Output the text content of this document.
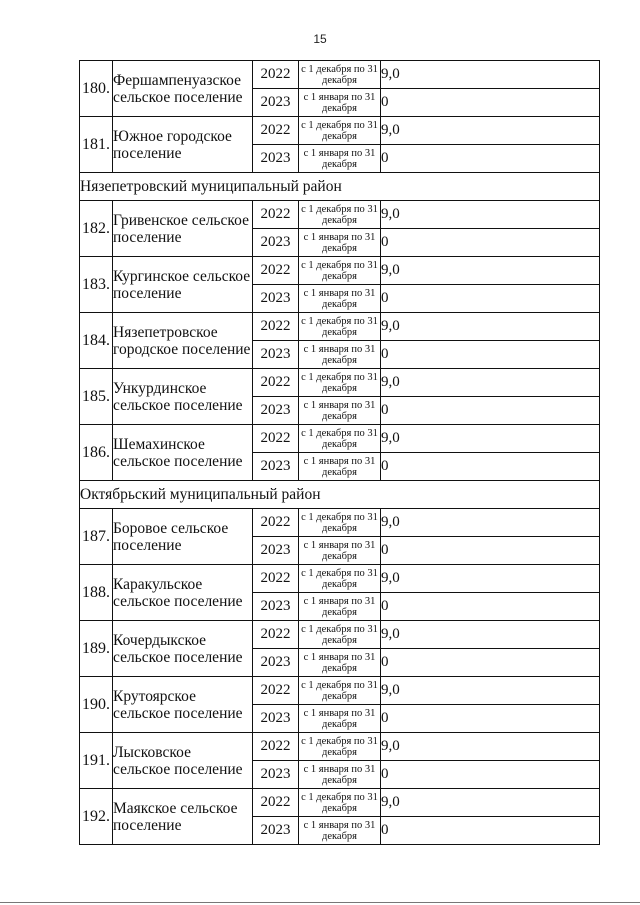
15
180.	Фершампенуазское сельское поселение	2022	с 1 декабря по 31 декабря	9,0
		2023	с 1 января по 31 декабря	0
181.	Южное городское поселение	2022	с 1 декабря по 31 декабря	9,0
		2023	с 1 января по 31 декабря	0
Нязепетровский муниципальный район				
182.	Гривенское сельское поселение	2022	с 1 декабря по 31 декабря	9,0
		2023	с 1 января по 31 декабря	0
183.	Кургинское сельское поселение	2022	с 1 декабря по 31 декабря	9,0
		2023	с 1 января по 31 декабря	0
184.	Нязепетровское городское поселение	2022	с 1 декабря по 31 декабря	9,0
		2023	с 1 января по 31 декабря	0
185.	Ункурдинское сельское поселение	2022	с 1 декабря по 31 декабря	9,0
		2023	с 1 января по 31 декабря	0
186.	Шемахинское сельское поселение	2022	с 1 декабря по 31 декабря	9,0
		2023	с 1 января по 31 декабря	0
Октябрьский муниципальный район				
187.	Боровое сельское поселение	2022	с 1 декабря по 31 декабря	9,0
		2023	с 1 января по 31 декабря	0
188.	Каракульское сельское поселение	2022	с 1 декабря по 31 декабря	9,0
		2023	с 1 января по 31 декабря	0
189.	Кочердыкское сельское поселение	2022	с 1 декабря по 31 декабря	9,0
		2023	с 1 января по 31 декабря	0
190.	Крутоярское сельское поселение	2022	с 1 декабря по 31 декабря	9,0
		2023	с 1 января по 31 декабря	0
191.	Лысковское сельское поселение	2022	с 1 декабря по 31 декабря	9,0
		2023	с 1 января по 31 декабря	0
192.	Маякское сельское поселение	2022	с 1 декабря по 31 декабря	9,0
		2023	с 1 января по 31 декабря	0
